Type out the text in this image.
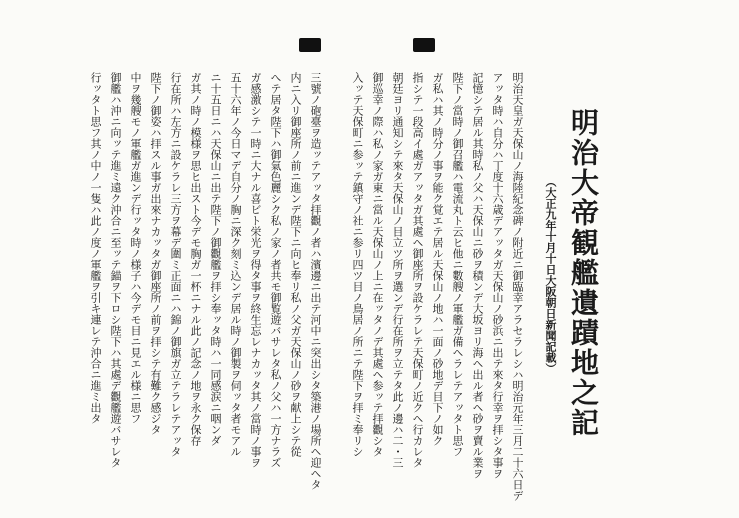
明治大帝観艦遺蹟地之記
（大正九年十月十日大阪朝日新聞記載）
明治天皇ガ天保山ノ海陸紀念碑ノ附近ニ御臨幸アラセラレシハ明治元年三月二十六日デ
アッタ時ハ自分ハ丁度十六歳デアッタガ天保山ノ砂浜ニ出テ來タ行幸ヲ拝シタ事ヲ
記憶シテ居ル其時私ノ父ハ天保山ニ砂ヲ積ンデ大坂ヨリ海ヘ出ル者ヘ砂ヲ賣ル業ヲ
陛下ノ當時ノ御召艦ハ電流丸ト云ヒ他ニ數艘ノ軍艦ガ備ヘラレテアッタト思フ
ガ私ハ其ノ時分ノ事ヲ能ク覚エテ居ル天保山ノ地ハ一面ノ砂地デ目下ノ如ク
指シテ一段高イ處ガアッタガ其處ヘ御座所ヲ設ケラレテ天保町ノ近クヘ行カレタ
朝廷ヨリ通知シテ來タ天保山ノ目立ツ所ヲ選ンデ行在所ヲ立テタ此ノ邊ハ二・三
御巡幸ノ際ハ私ノ家ガ東ニ當ル天保山ノ上ニ在ッタノデ其處ヘ参ッテ拝觀シタ
入ッテ天保町ニ参ッテ鎮守ノ社ニ参リ四ツ目ノ鳥居ノ所ニテ陛下ヲ拝ミ奉リシ
三號ノ砲臺ヲ造ッテアッタ拝觀ノ者ハ濱邊ニ出テ河中ニ突出シタ築港ノ場所ヘ迎ヘタ
内ニ入リ御座所ノ前ニ進ンデ陛下ニ向ヒ奉リ私ノ父ガ天保山ノ砂ヲ献上シテ從
へテ居タ陛下ハ御氣色麗シク私ノ家ノ者共モ御覧遊バサレタ私ノ父ハ一方ナラズ
ガ感激シテ一時ニ大ナル喜ビト栄光ヲ得タ事ヲ終生忘レナカッタ其ノ當時ノ事ヲ
五十六年ノ今日マデ自分ノ胸ニ深ク刻ミ込ンデ居ル時ノ御製ヲ伺ッタ者モアル
ニ十五日ニハ天保山ニ出テ陛下ノ御觀艦ヲ拝シ奉ッタ時ハ一同感涙ニ咽ンダ
ガ其ノ時ノ模様ヲ思ヒ出スト今デモ胸ガ一杯ニナル此ノ記念ノ地ヲ永ク保存
行在所ハ左方ニ設ケラレ三方ヲ幕デ圍ミ正面ニハ錦ノ御旗ガ立テラレテアッタ
陛下ノ御姿ハ拝スル事ガ出來ナカッタガ御座所ノ前ヲ拝シテ有難ク感ジタ
中ヲ幾艘モノ軍艦ガ進ンデ行ッタ時ノ様子ハ今デモ目ニ見エル様ニ思フ
御艦ハ沖ニ向ッテ進ミ遠ク沖合ニ至ッテ錨ヲ下ロシ陛下ハ其處デ觀艦遊バサレタ
行ッタト思フ其ノ中ノ一隻ハ此ノ度ノ軍艦ヲ引キ連レテ沖合ニ進ミ出タ
